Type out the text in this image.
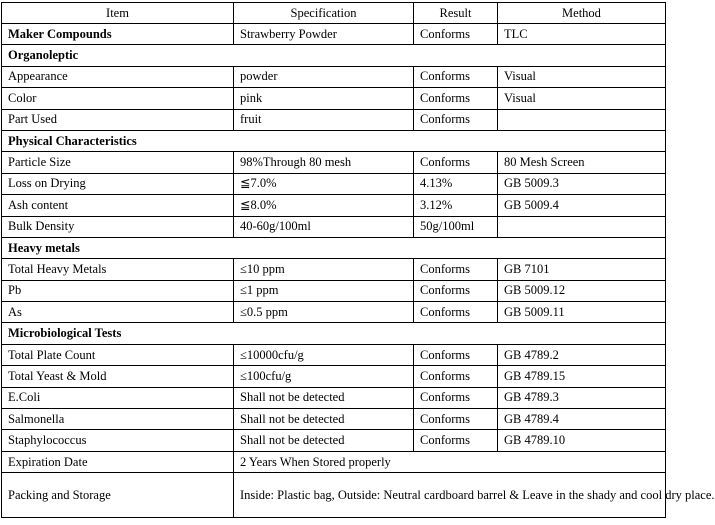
Item	Specification	Result	Method
Maker Compounds	Strawberry Powder	Conforms	TLC
Organoleptic			
Appearance	powder	Conforms	Visual
Color	pink	Conforms	Visual
Part Used	fruit	Conforms	
Physical Characteristics			
Particle Size	98%Through 80 mesh	Conforms	80 Mesh Screen
Loss on Drying	≦7.0%	4.13%	GB 5009.3
Ash content	≦8.0%	3.12%	GB 5009.4
Bulk Density	40-60g/100ml	50g/100ml	
Heavy metals			
Total Heavy Metals	≤10 ppm	Conforms	GB 7101
Pb	≤1 ppm	Conforms	GB 5009.12
As	≤0.5 ppm	Conforms	GB 5009.11
Microbiological Tests			
Total Plate Count	≤10000cfu/g	Conforms	GB 4789.2
Total Yeast & Mold	≤100cfu/g	Conforms	GB 4789.15
E.Coli	Shall not be detected	Conforms	GB 4789.3
Salmonella	Shall not be detected	Conforms	GB 4789.4
Staphylococcus	Shall not be detected	Conforms	GB 4789.10
Expiration Date	2 Years When Stored properly		
Packing and Storage	Inside: Plastic bag, Outside: Neutral cardboard barrel & Leave in the shady and cool dry place.		
